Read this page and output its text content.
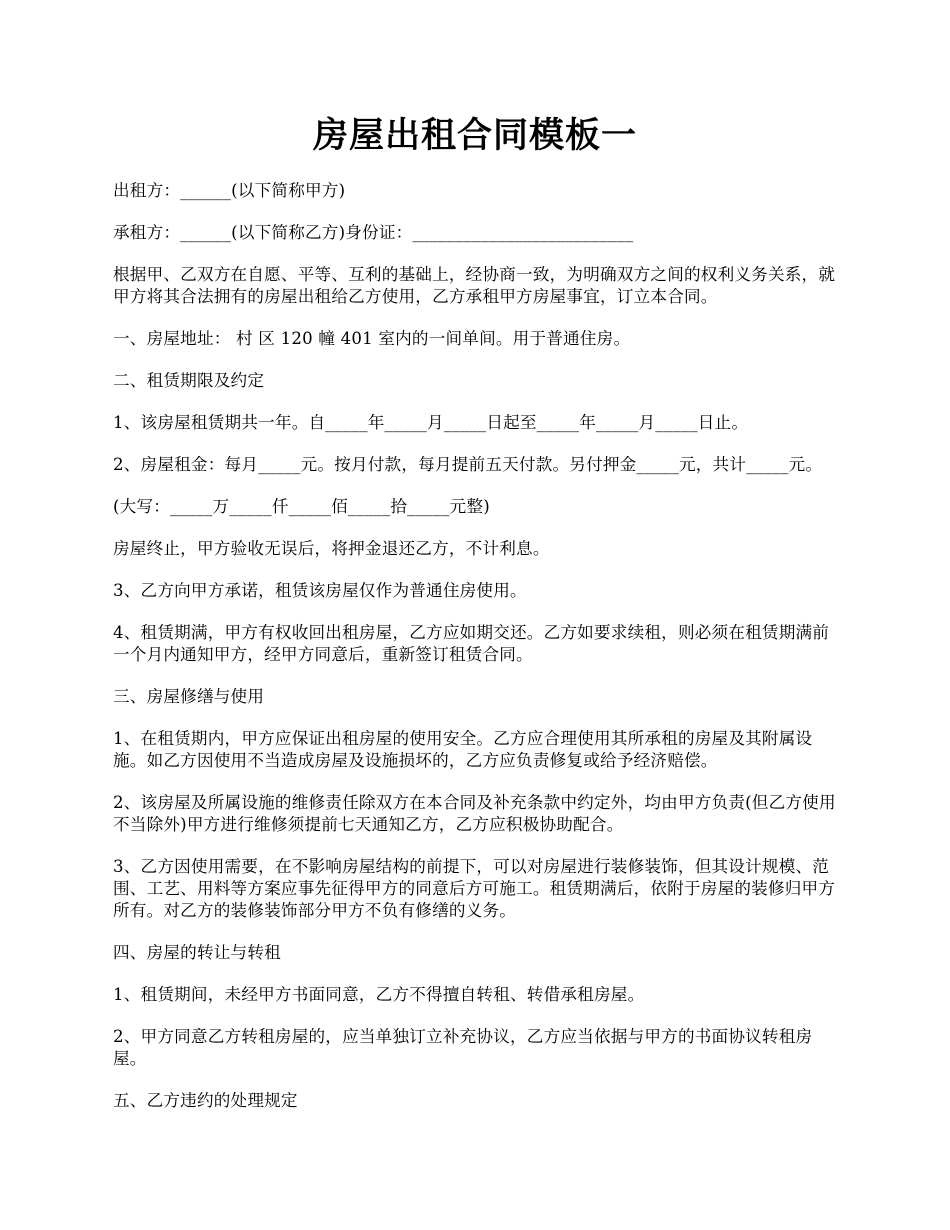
房屋出租合同模板一

出租方：______(以下简称甲方)

承租方：______(以下简称乙方)身份证：__________________________

根据甲、乙双方在自愿、平等、互利的基础上，经协商一致，为明确双方之间的权利义务关系，就甲方将其合法拥有的房屋出租给乙方使用，乙方承租甲方房屋事宜，订立本合同。

一、房屋地址： 村 区 120 幢 401 室内的一间单间。用于普通住房。

二、租赁期限及约定

1、该房屋租赁期共一年。自_____年_____月_____日起至_____年_____月_____日止。

2、房屋租金：每月_____元。按月付款，每月提前五天付款。另付押金_____元，共计_____元。

(大写：_____万_____仟_____佰_____拾_____元整)

房屋终止，甲方验收无误后，将押金退还乙方，不计利息。

3、乙方向甲方承诺，租赁该房屋仅作为普通住房使用。

4、租赁期满，甲方有权收回出租房屋，乙方应如期交还。乙方如要求续租，则必须在租赁期满前一个月内通知甲方，经甲方同意后，重新签订租赁合同。

三、房屋修缮与使用

1、在租赁期内，甲方应保证出租房屋的使用安全。乙方应合理使用其所承租的房屋及其附属设施。如乙方因使用不当造成房屋及设施损坏的，乙方应负责修复或给予经济赔偿。

2、该房屋及所属设施的维修责任除双方在本合同及补充条款中约定外，均由甲方负责(但乙方使用不当除外)甲方进行维修须提前七天通知乙方，乙方应积极协助配合。

3、乙方因使用需要，在不影响房屋结构的前提下，可以对房屋进行装修装饰，但其设计规模、范围、工艺、用料等方案应事先征得甲方的同意后方可施工。租赁期满后，依附于房屋的装修归甲方所有。对乙方的装修装饰部分甲方不负有修缮的义务。

四、房屋的转让与转租

1、租赁期间，未经甲方书面同意，乙方不得擅自转租、转借承租房屋。

2、甲方同意乙方转租房屋的，应当单独订立补充协议，乙方应当依据与甲方的书面协议转租房屋。

五、乙方违约的处理规定
